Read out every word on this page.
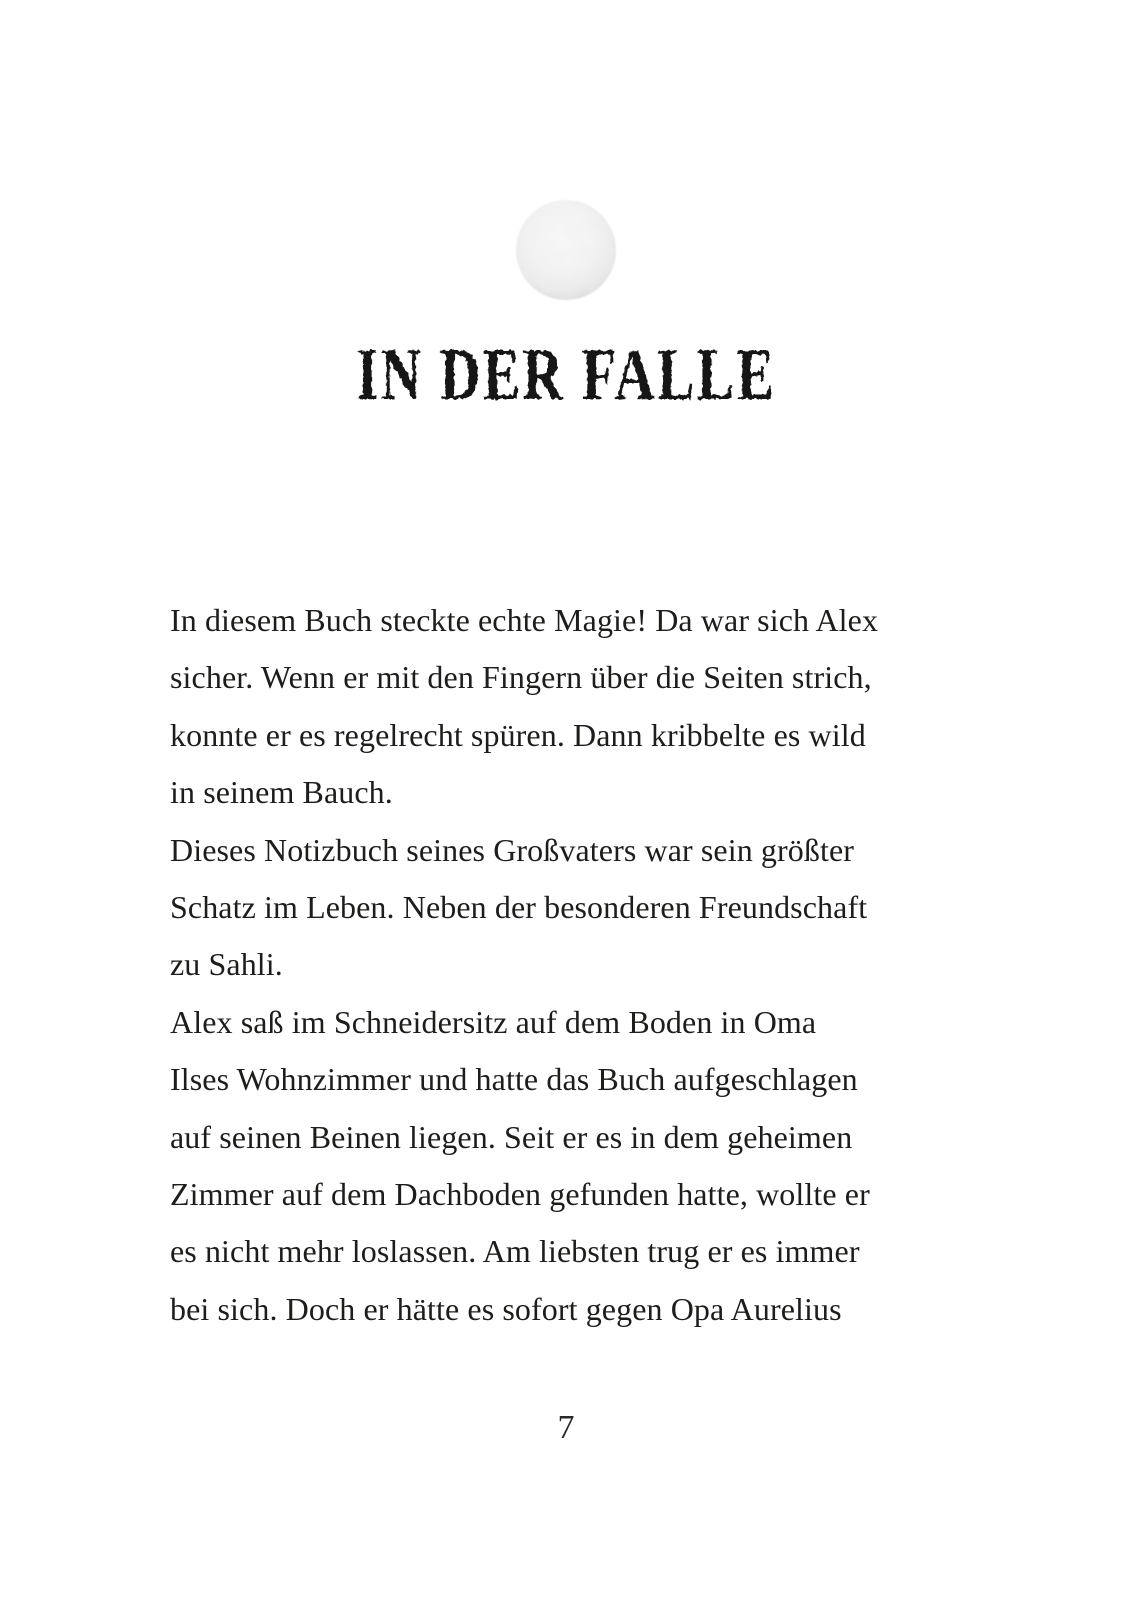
IN DER FALLE

In diesem Buch steckte echte Magie! Da war sich Alex
sicher. Wenn er mit den Fingern über die Seiten strich,
konnte er es regelrecht spüren. Dann kribbelte es wild
in seinem Bauch.

Dieses Notizbuch seines Großvaters war sein größter
Schatz im Leben. Neben der besonderen Freundschaft
zu Sahli.

Alex saß im Schneidersitz auf dem Boden in Oma
Ilses Wohnzimmer und hatte das Buch aufgeschlagen
auf seinen Beinen liegen. Seit er es in dem geheimen
Zimmer auf dem Dachboden gefunden hatte, wollte er
es nicht mehr loslassen. Am liebsten trug er es immer
bei sich. Doch er hätte es sofort gegen Opa Aurelius

7
